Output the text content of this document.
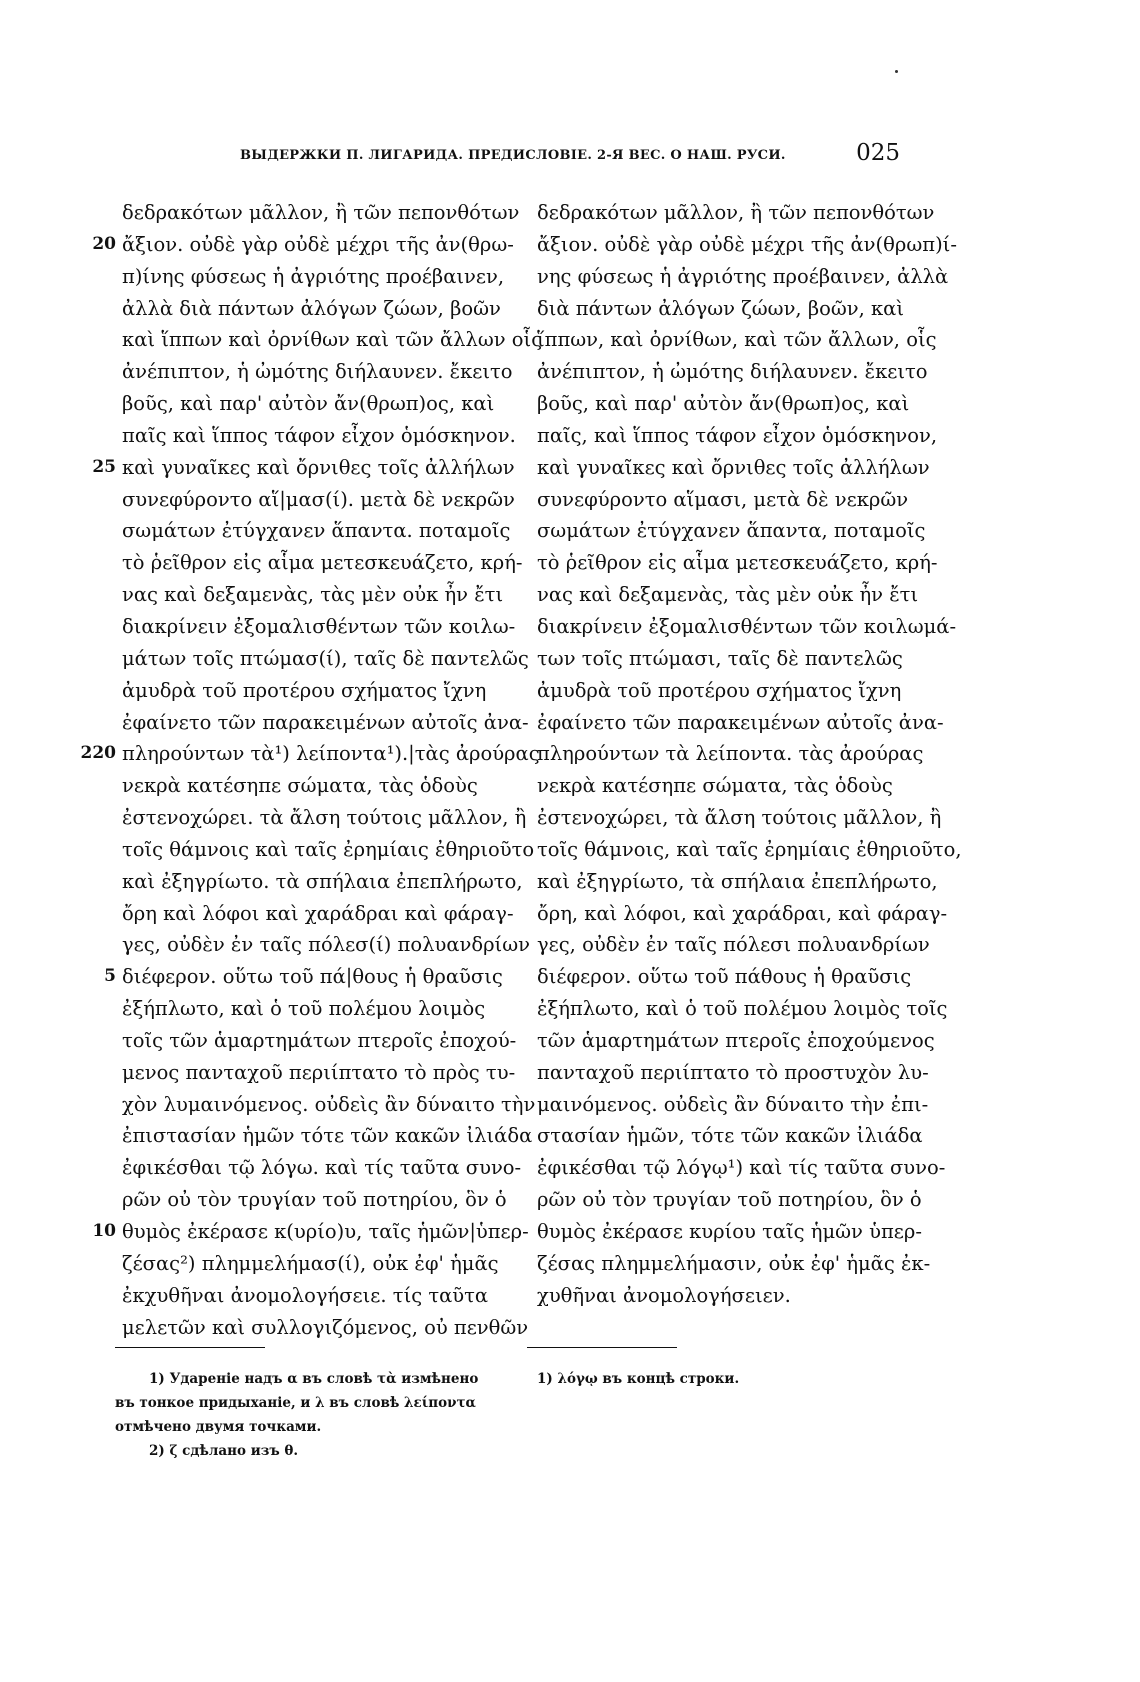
ВЫДЕРЖКИ П. ЛИГАРИДА. ПРЕДИСЛОВIЕ. 2-Я ВЕС. О НАШ. РУСИ.	025
δεδρακότων μᾶλλον, ἢ τῶν πεπονθότων
20 ἄξιον. οὐδὲ γὰρ οὐδὲ μέχρι τῆς ἀν(θρω-
π)ίνης φύσεως ἡ ἀγριότης προέβαινεν,
ἀλλὰ διὰ πάντων ἀλόγων ζώων, βοῶν
καὶ ἵππων καὶ ὀρνίθων καὶ τῶν ἄλλων οἷς
ἀνέπιπτον, ἡ ὠμότης διήλαυνεν. ἔκειτο
βοῦς, καὶ παρ' αὐτὸν ἄν(θρωπ)ος, καὶ
παῖς καὶ ἵππος τάφον εἶχον ὁμόσκηνον.
25 καὶ γυναῖκες καὶ ὄρνιθες τοῖς ἀλλήλων
συνεφύροντο αἵ|μασ(ί). μετὰ δὲ νεκρῶν
σωμάτων ἐτύγχανεν ἅπαντα. ποταμοῖς
τὸ ῥεῖθρον εἰς αἷμα μετεσκευάζετο, κρή-
νας καὶ δεξαμενὰς, τὰς μὲν οὐκ ἦν ἔτι
διακρίνειν ἐξομαλισθέντων τῶν κοιλω-
μάτων τοῖς πτώμασ(ί), ταῖς δὲ παντελῶς
ἀμυδρὰ τοῦ προτέρου σχήματος ἴχνη
ἐφαίνετο τῶν παρακειμένων αὐτοῖς ἀνα-
220 πληρούντων τὰ¹) λείποντα¹).|τὰς ἀρούρας
νεκρὰ κατέσηπε σώματα, τὰς ὁδοὺς
ἐστενοχώρει. τὰ ἄλση τούτοις μᾶλλον, ἢ
τοῖς θάμνοις καὶ ταῖς ἐρημίαις ἐθηριοῦτο
καὶ ἐξηγρίωτο. τὰ σπήλαια ἐπεπλήρωτο,
ὄρη καὶ λόφοι καὶ χαράδραι καὶ φάραγ-
γες, οὐδὲν ἐν ταῖς πόλεσ(ί) πολυανδρίων
5 διέφερον. οὕτω τοῦ πά|θους ἡ θραῦσις
ἐξήπλωτο, καὶ ὁ τοῦ πολέμου λοιμὸς
τοῖς τῶν ἁμαρτημάτων πτεροῖς ἐποχού-
μενος πανταχοῦ περιίπτατο τὸ πρὸς τυ-
χὸν λυμαινόμενος. οὐδεὶς ἂν δύναιτο τὴν
ἐπιστασίαν ἡμῶν τότε τῶν κακῶν ἰλιάδα
ἐφικέσθαι τῷ λόγω. καὶ τίς ταῦτα συνο-
ρῶν οὐ τὸν τρυγίαν τοῦ ποτηρίου, ὃν ὁ
10 θυμὸς ἐκέρασε κ(υρίο)υ, ταῖς ἡμῶν|ὑπερ-
ζέσας²) πλημμελήμασ(ί), οὐκ ἐφ' ἡμᾶς
ἐκχυθῆναι ἀνομολογήσειε. τίς ταῦτα
μελετῶν καὶ συλλογιζόμενος, οὐ πενθῶν
δεδρακότων μᾶλλον, ἢ τῶν πεπονθότων
ἄξιον. οὐδὲ γὰρ οὐδὲ μέχρι τῆς ἀν(θρωπ)ί-
νης φύσεως ἡ ἀγριότης προέβαινεν, ἀλλὰ
διὰ πάντων ἀλόγων ζώων, βοῶν, καὶ
ἵππων, καὶ ὀρνίθων, καὶ τῶν ἄλλων, οἷς
ἀνέπιπτον, ἡ ὠμότης διήλαυνεν. ἔκειτο
βοῦς, καὶ παρ' αὐτὸν ἄν(θρωπ)ος, καὶ
παῖς, καὶ ἵππος τάφον εἶχον ὁμόσκηνον,
καὶ γυναῖκες καὶ ὄρνιθες τοῖς ἀλλήλων
συνεφύροντο αἵμασι, μετὰ δὲ νεκρῶν
σωμάτων ἐτύγχανεν ἅπαντα, ποταμοῖς
τὸ ῥεῖθρον εἰς αἷμα μετεσκευάζετο, κρή-
νας καὶ δεξαμενὰς, τὰς μὲν οὐκ ἦν ἔτι
διακρίνειν ἐξομαλισθέντων τῶν κοιλωμά-
των τοῖς πτώμασι, ταῖς δὲ παντελῶς
ἀμυδρὰ τοῦ προτέρου σχήματος ἴχνη
ἐφαίνετο τῶν παρακειμένων αὐτοῖς ἀνα-
πληρούντων τὰ λείποντα. τὰς ἀρούρας
νεκρὰ κατέσηπε σώματα, τὰς ὁδοὺς
ἐστενοχώρει, τὰ ἄλση τούτοις μᾶλλον, ἢ
τοῖς θάμνοις, καὶ ταῖς ἐρημίαις ἐθηριοῦτο,
καὶ ἐξηγρίωτο, τὰ σπήλαια ἐπεπλήρωτο,
ὄρη, καὶ λόφοι, καὶ χαράδραι, καὶ φάραγ-
γες, οὐδὲν ἐν ταῖς πόλεσι πολυανδρίων
διέφερον. οὕτω τοῦ πάθους ἡ θραῦσις
ἐξήπλωτο, καὶ ὁ τοῦ πολέμου λοιμὸς τοῖς
τῶν ἁμαρτημάτων πτεροῖς ἐποχούμενος
πανταχοῦ περιίπτατο τὸ προστυχὸν λυ-
μαινόμενος. οὐδεὶς ἂν δύναιτο τὴν ἐπι-
στασίαν ἡμῶν, τότε τῶν κακῶν ἰλιάδα
ἐφικέσθαι τῷ λόγῳ¹) καὶ τίς ταῦτα συνο-
ρῶν οὐ τὸν τρυγίαν τοῦ ποτηρίου, ὃν ὁ
θυμὸς ἐκέρασε κυρίου ταῖς ἡμῶν ὑπερ-
ζέσας πλημμελήμασιν, οὐκ ἐφ' ἡμᾶς ἐκ-
χυθῆναι ἀνομολογήσειεν.
1) Удареніе надъ α въ словѣ τὰ измѣнено
въ тонкое придыханіе, и λ въ словѣ λείποντα
отмѣчено двумя точками.
2) ζ сдѣлано изъ θ.
1) λόγῳ въ концѣ строки.
